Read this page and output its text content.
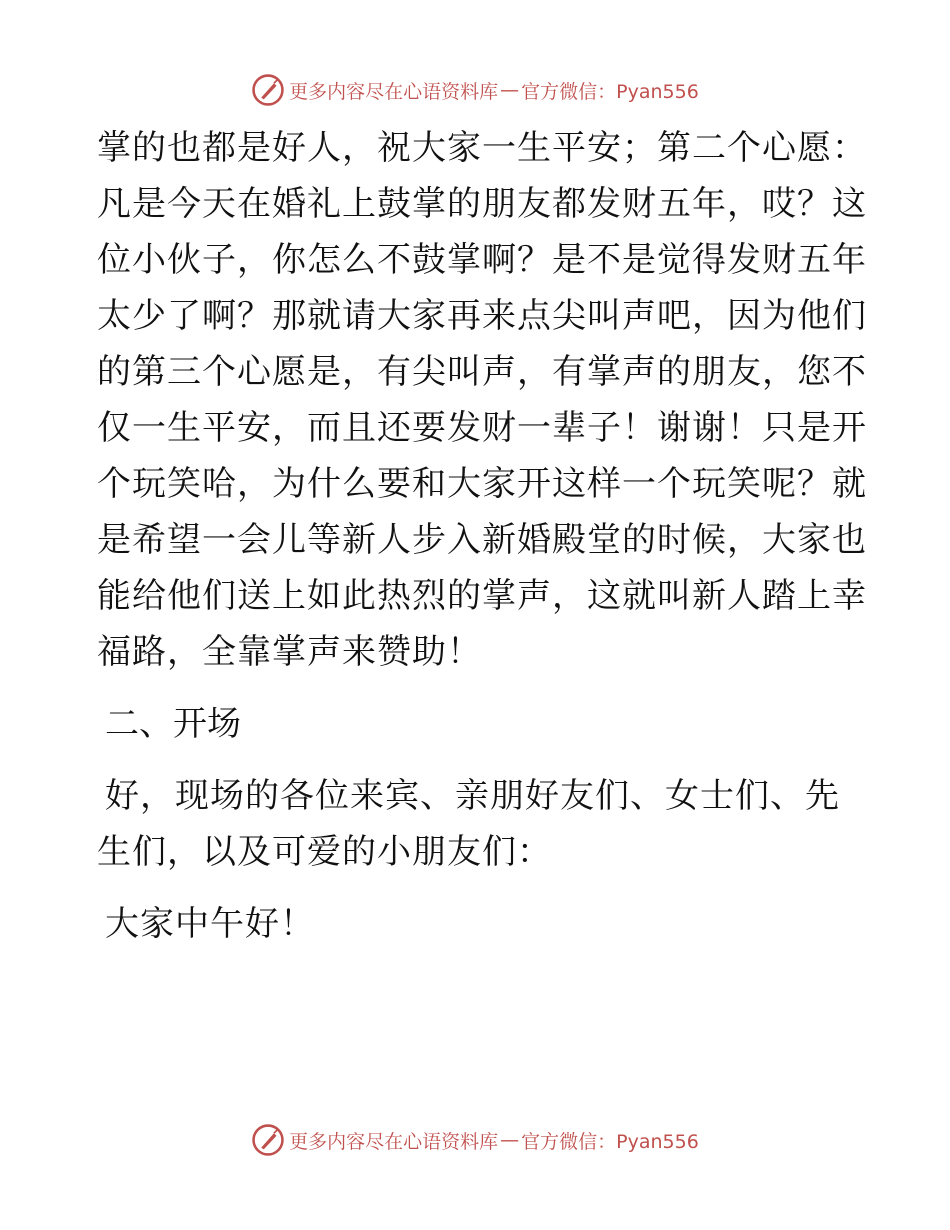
更多内容尽在心语资料库 — 官方微信：Pyan556

掌的也都是好人，祝大家一生平安；第二个心愿：

凡是今天在婚礼上鼓掌的朋友都发财五年，哎？这

位小伙子，你怎么不鼓掌啊？是不是觉得发财五年

太少了啊？那就请大家再来点尖叫声吧，因为他们

的第三个心愿是，有尖叫声，有掌声的朋友，您不

仅一生平安，而且还要发财一辈子！谢谢！只是开

个玩笑哈，为什么要和大家开这样一个玩笑呢？就

是希望一会儿等新人步入新婚殿堂的时候，大家也

能给他们送上如此热烈的掌声，这就叫新人踏上幸

福路，全靠掌声来赞助！

二、开场

好，现场的各位来宾、亲朋好友们、女士们、先

生们，以及可爱的小朋友们：

大家中午好！

更多内容尽在心语资料库 — 官方微信：Pyan556
